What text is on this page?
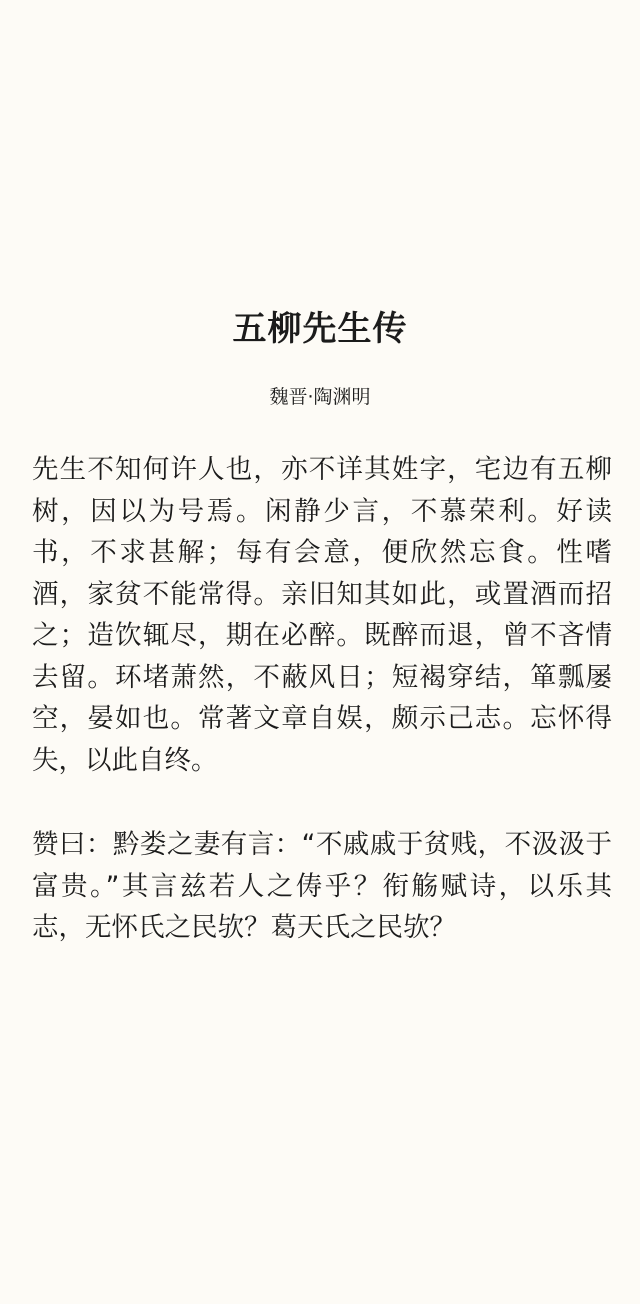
五柳先生传
魏晋·陶渊明

先生不知何许人也，亦不详其姓字，宅边有五柳树，因以为号焉。闲静少言，不慕荣利。好读书，不求甚解；每有会意，便欣然忘食。性嗜酒，家贫不能常得。亲旧知其如此，或置酒而招之；造饮辄尽，期在必醉。既醉而退，曾不吝情去留。环堵萧然，不蔽风日；短褐穿结，箪瓢屡空，晏如也。常著文章自娱，颇示己志。忘怀得失，以此自终。

赞曰：黔娄之妻有言：“不戚戚于贫贱，不汲汲于富贵。”其言兹若人之俦乎？衔觞赋诗，以乐其志，无怀氏之民欤？葛天氏之民欤？
